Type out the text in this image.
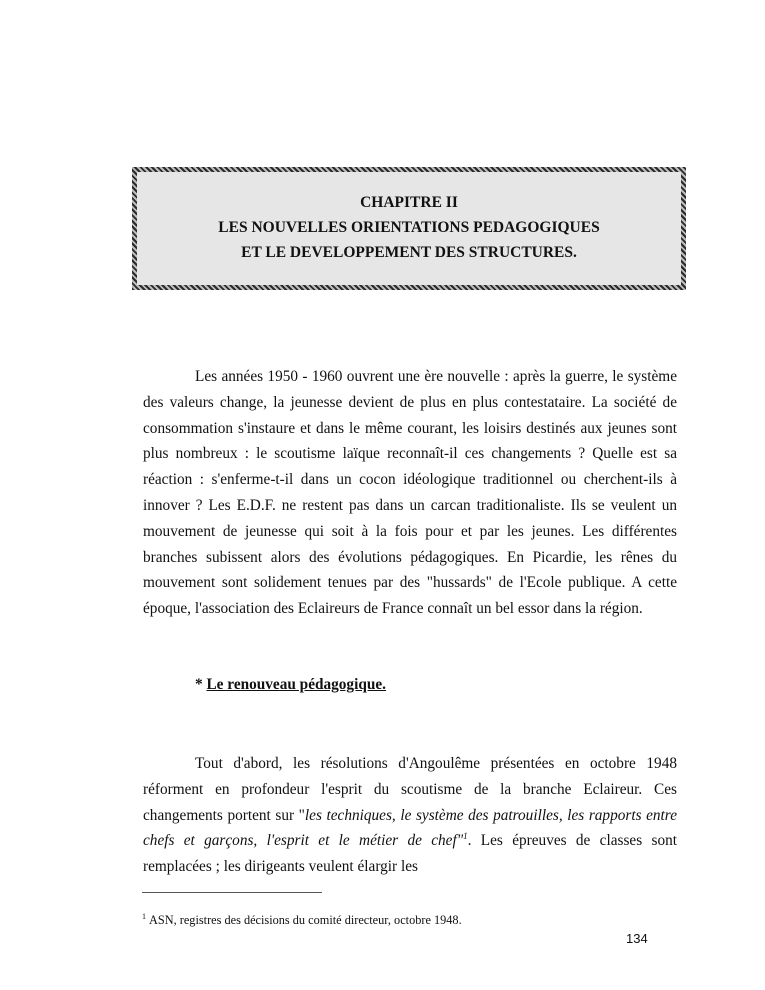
CHAPITRE II
LES NOUVELLES ORIENTATIONS PEDAGOGIQUES
ET LE DEVELOPPEMENT DES STRUCTURES.

Les années 1950 - 1960 ouvrent une ère nouvelle : après la guerre, le système des valeurs change, la jeunesse devient de plus en plus contestataire. La société de consommation s'instaure et dans le même courant, les loisirs destinés aux jeunes sont plus nombreux : le scoutisme laïque reconnaît-il ces changements ? Quelle est sa réaction : s'enferme-t-il dans un cocon idéologique traditionnel ou cherchent-ils à innover ? Les E.D.F. ne restent pas dans un carcan traditionaliste. Ils se veulent un mouvement de jeunesse qui soit à la fois pour et par les jeunes. Les différentes branches subissent alors des évolutions pédagogiques. En Picardie, les rênes du mouvement sont solidement tenues par des "hussards" de l'Ecole publique. A cette époque, l'association des Eclaireurs de France connaît un bel essor dans la région.

* Le renouveau pédagogique.

Tout d'abord, les résolutions d'Angoulême présentées en octobre 1948 réforment en profondeur l'esprit du scoutisme de la branche Eclaireur. Ces changements portent sur "les techniques, le système des patrouilles, les rapports entre chefs et garçons, l'esprit et le métier de chef"$^1$. Les épreuves de classes sont remplacées ; les dirigeants veulent élargir les

$^1$ ASN, registres des décisions du comité directeur, octobre 1948.
134
